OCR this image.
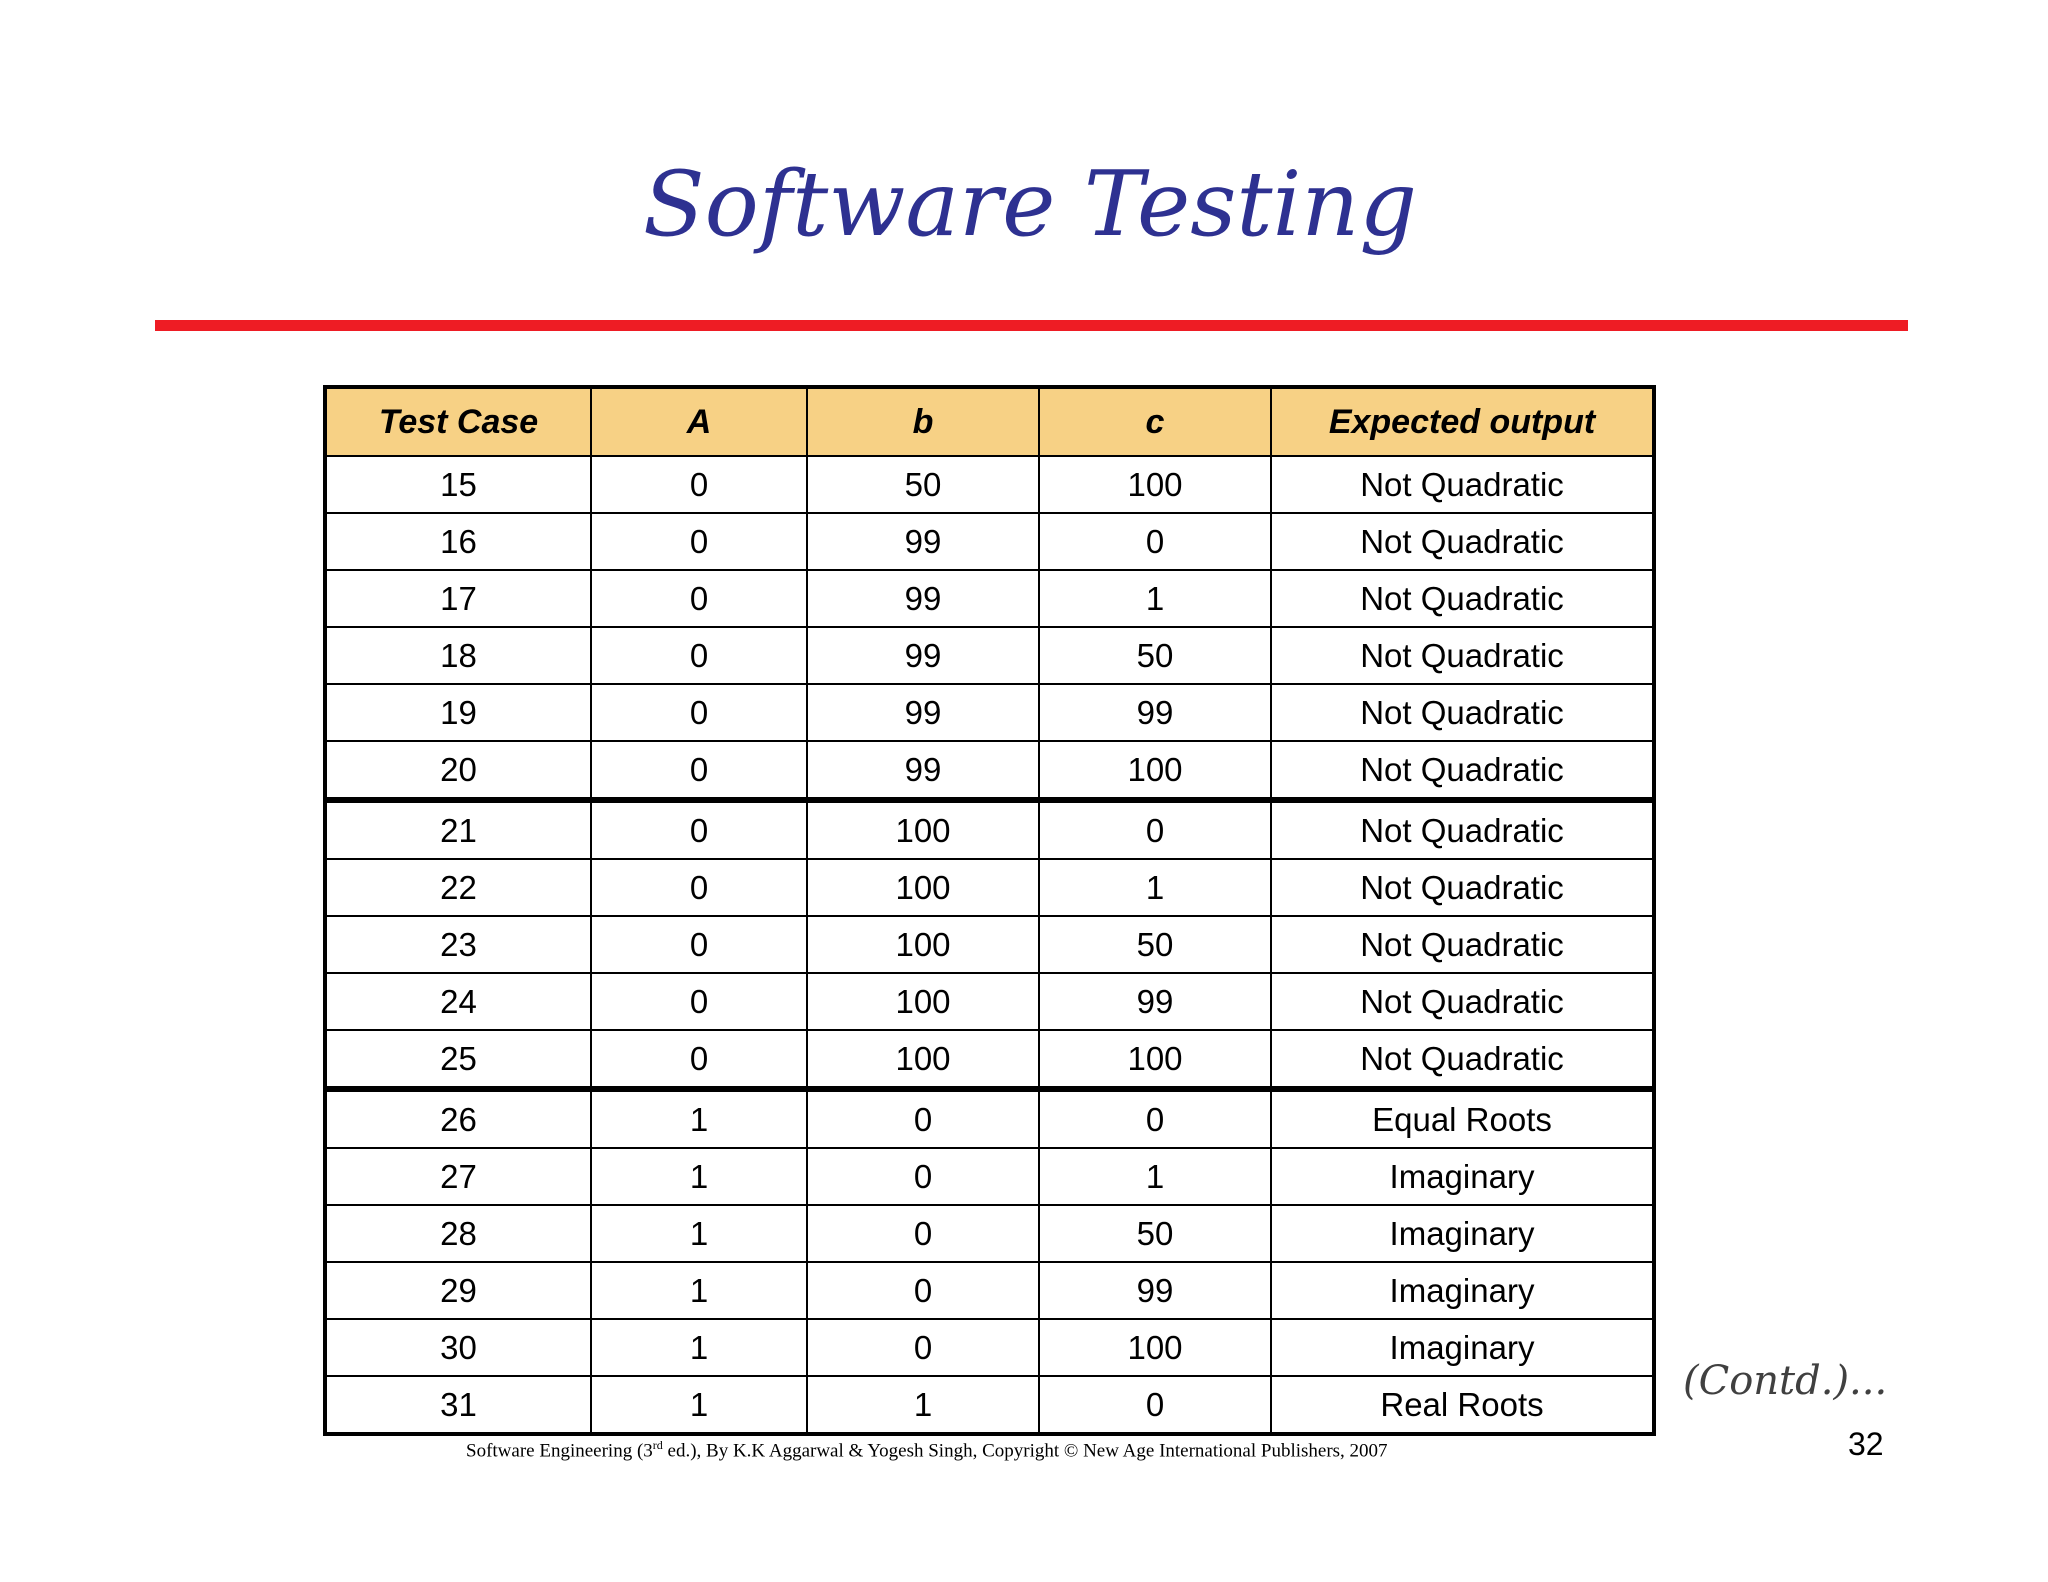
Software Testing
Test Case	A	b	c	Expected output
15	0	50	100	Not Quadratic
16	0	99	0	Not Quadratic
17	0	99	1	Not Quadratic
18	0	99	50	Not Quadratic
19	0	99	99	Not Quadratic
20	0	99	100	Not Quadratic
21	0	100	0	Not Quadratic
22	0	100	1	Not Quadratic
23	0	100	50	Not Quadratic
24	0	100	99	Not Quadratic
25	0	100	100	Not Quadratic
26	1	0	0	Equal Roots
27	1	0	1	Imaginary
28	1	0	50	Imaginary
29	1	0	99	Imaginary
30	1	0	100	Imaginary
31	1	1	0	Real Roots	(Contd.)...
Software Engineering (3rd ed.), By K.K Aggarwal & Yogesh Singh, Copyright © New Age International Publishers, 2007	32
